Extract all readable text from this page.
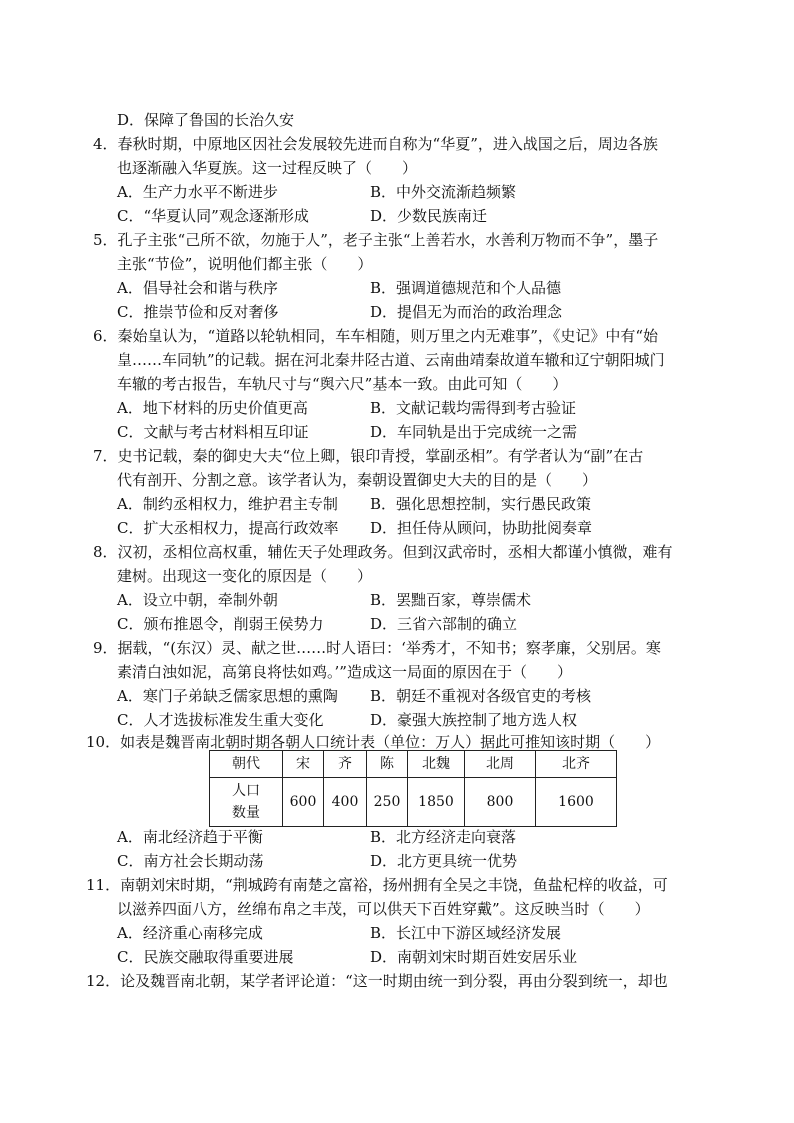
D．保障了鲁国的长治久安
4．春秋时期，中原地区因社会发展较先进而自称为“华夏”，进入战国之后，周边各族
也逐渐融入华夏族。这一过程反映了（　　）
A．生产力水平不断进步	B．中外交流渐趋频繁
C．“华夏认同”观念逐渐形成	D．少数民族南迁
5．孔子主张“己所不欲，勿施于人”，老子主张“上善若水，水善利万物而不争”，墨子
主张“节俭”，说明他们都主张（　　）
A．倡导社会和谐与秩序	B．强调道德规范和个人品德
C．推崇节俭和反对奢侈	D．提倡无为而治的政治理念
6．秦始皇认为，“道路以轮轨相同，车车相随，则万里之内无难事”，《史记》中有“始
皇……车同轨”的记载。据在河北秦井陉古道、云南曲靖秦故道车辙和辽宁朝阳城门
车辙的考古报告，车轨尺寸与“舆六尺”基本一致。由此可知（　　）
A．地下材料的历史价值更高	B．文献记载均需得到考古验证
C．文献与考古材料相互印证	D．车同轨是出于完成统一之需
7．史书记载，秦的御史大夫“位上卿，银印青授，掌副丞相”。有学者认为“副”在古
代有剖开、分割之意。该学者认为，秦朝设置御史大夫的目的是（　　）
A．制约丞相权力，维护君主专制 B．强化思想控制，实行愚民政策
C．扩大丞相权力，提高行政效率 D．担任侍从顾问，协助批阅奏章
8．汉初，丞相位高权重，辅佐天子处理政务。但到汉武帝时，丞相大都谨小慎微，难有
建树。出现这一变化的原因是（　　）
A．设立中朝，牵制外朝	B．罢黜百家，尊崇儒术
C．颁布推恩令，削弱王侯势力	D．三省六部制的确立
9．据载，“(东汉）灵、献之世……时人语曰：‘举秀才，不知书；察孝廉，父别居。寒
素清白浊如泥，高第良将怯如鸡。’”造成这一局面的原因在于（　　）
A．寒门子弟缺乏儒家思想的熏陶 B．朝廷不重视对各级官吏的考核
C．人才选拔标准发生重大变化	D．豪强大族控制了地方选人权
10．如表是魏晋南北朝时期各朝人口统计表（单位：万人）据此可推知该时期（　　）
朝代	宋	齐	陈	北魏	北周	北齐

人口
数量	600	400	250	1850	800	1600
A．南北经济趋于平衡	B．北方经济走向衰落
C．南方社会长期动荡	D．北方更具统一优势
11．南朝刘宋时期，“荆城跨有南楚之富裕，扬州拥有全吴之丰饶，鱼盐杞梓的收益，可
以滋养四面八方，丝绵布帛之丰茂，可以供天下百姓穿戴”。这反映当时（　　）
A．经济重心南移完成	B．长江中下游区域经济发展
C．民族交融取得重要进展	D．南朝刘宋时期百姓安居乐业
12．论及魏晋南北朝，某学者评论道：“这一时期由统一到分裂，再由分裂到统一，却也
